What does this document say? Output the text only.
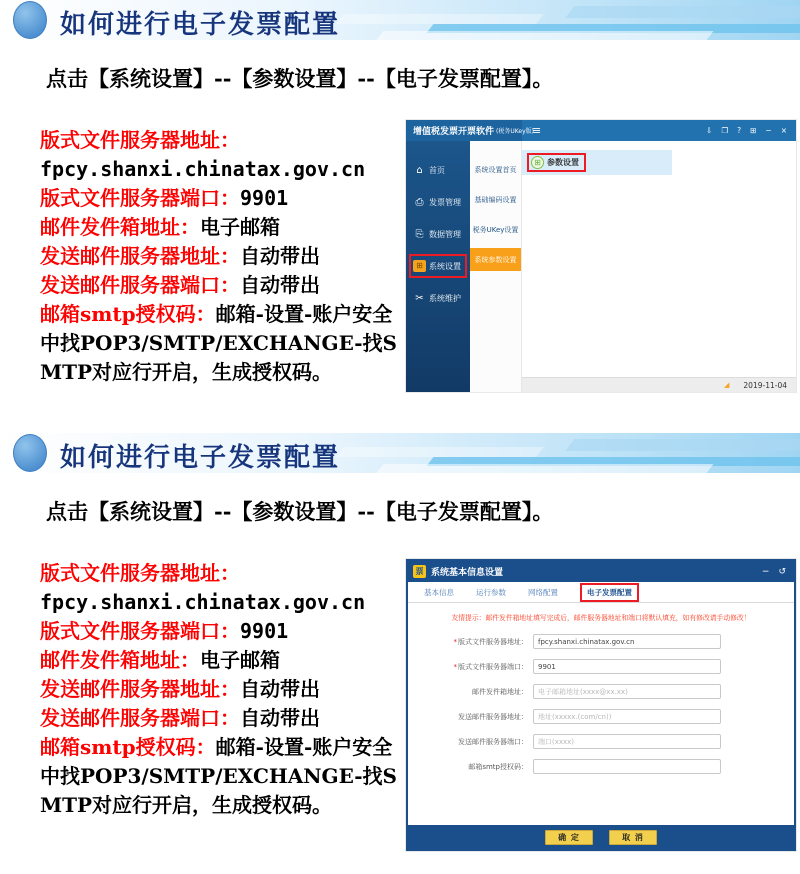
如何进行电子发票配置
点击【系统设置】--【参数设置】--【电子发票配置】。
版式文件服务器地址：
fpcy.shanxi.chinatax.gov.cn
版式文件服务器端口：9901
邮件发件箱地址：电子邮箱
发送邮件服务器地址：自动带出
发送邮件服务器端口：自动带出
邮箱smtp授权码：邮箱-设置-账户安全中找POP3/SMTP/EXCHANGE-找SMTP对应行开启，生成授权码。
增值税发票开票软件 (税务UKey版)
≡	⇩ ❐ ? ⊞ − ×
⌂ 首页
⎙ 发票管理
⎘ 数据管理
⊞ 系统设置
✂ 系统维护
系统设置首页
基础编码设置
税务UKey设置
系统参数设置
⊞ 参数设置
◢ 2019-11-04
如何进行电子发票配置
点击【系统设置】--【参数设置】--【电子发票配置】。
版式文件服务器地址：
fpcy.shanxi.chinatax.gov.cn
版式文件服务器端口：9901
邮件发件箱地址：电子邮箱
发送邮件服务器地址：自动带出
发送邮件服务器端口：自动带出
邮箱smtp授权码：邮箱-设置-账户安全中找POP3/SMTP/EXCHANGE-找SMTP对应行开启，生成授权码。
票 系统基本信息设置	− ↺
基本信息	运行参数	网络配置	电子发票配置
友情提示：邮件发件箱地址填写完成后，邮件服务器地址和端口将默认填充，如有修改请手动修改！
*版式文件服务器地址：
fpcy.shanxi.chinatax.gov.cn
*版式文件服务器端口：
9901
邮件发件箱地址：
电子邮箱地址(xxxx@xx.xx)
发送邮件服务器地址：
地址(xxxxx.(com/cn))
发送邮件服务器端口：
端口(xxxx)
邮箱smtp授权码：
确 定	取 消
